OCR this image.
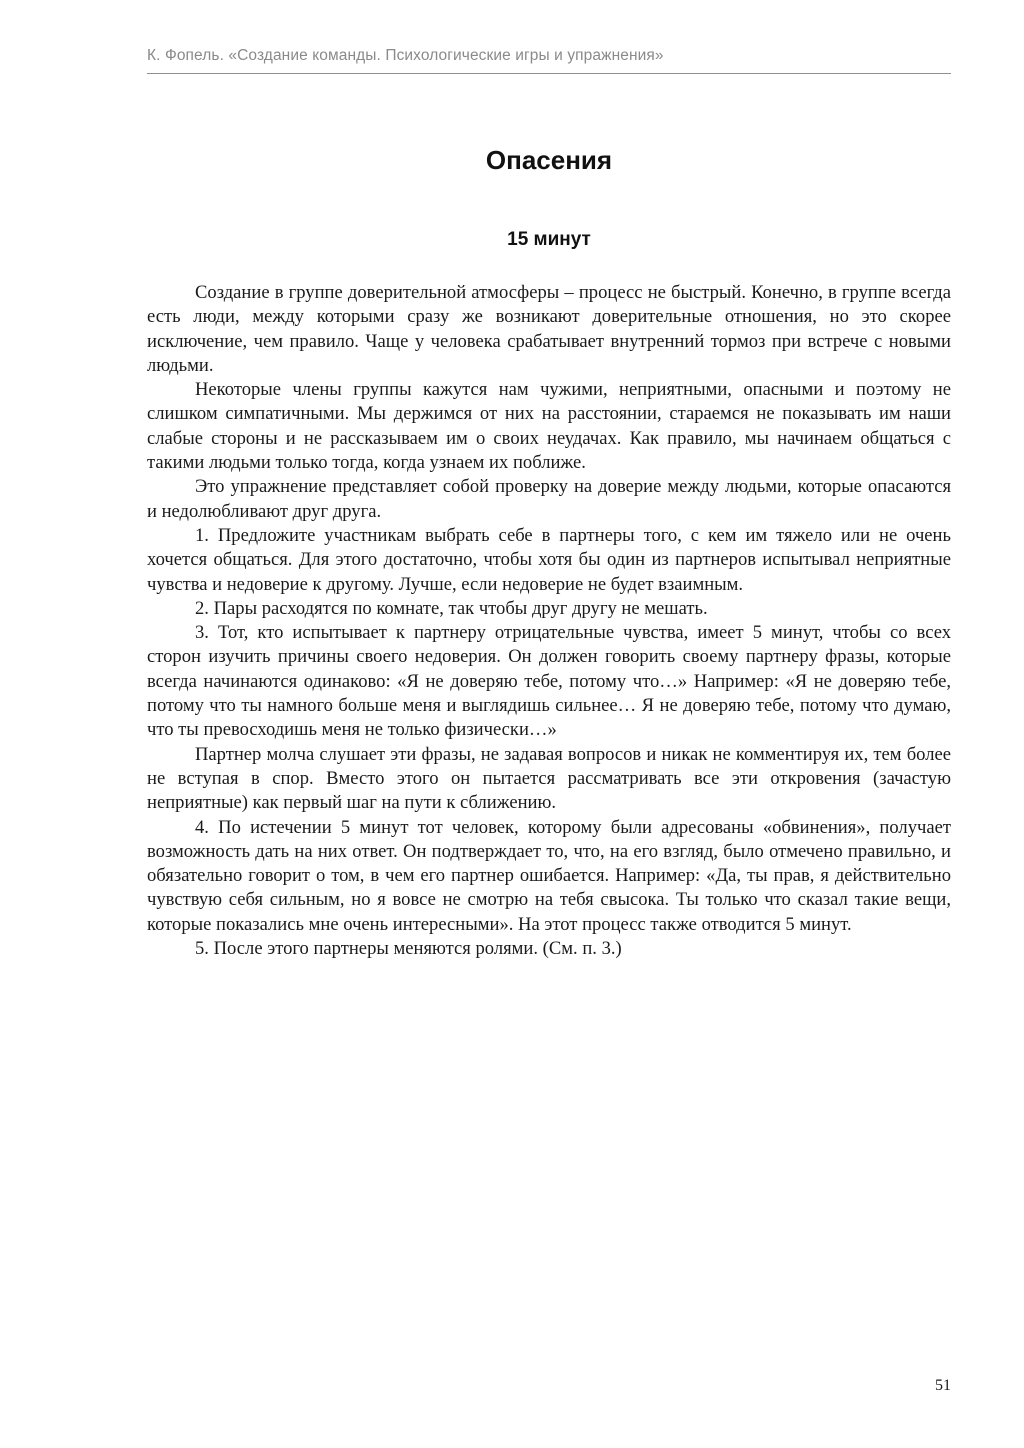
К. Фопель. «Создание команды. Психологические игры и упражнения»
Опасения
15 минут

Создание в группе доверительной атмосферы – процесс не быстрый. Конечно, в группе всегда есть люди, между которыми сразу же возникают доверительные отношения, но это скорее исключение, чем правило. Чаще у человека срабатывает внутренний тормоз при встрече с новыми людьми.

Некоторые члены группы кажутся нам чужими, неприятными, опасными и поэтому не слишком симпатичными. Мы держимся от них на расстоянии, стараемся не показывать им наши слабые стороны и не рассказываем им о своих неудачах. Как правило, мы начинаем общаться с такими людьми только тогда, когда узнаем их поближе.

Это упражнение представляет собой проверку на доверие между людьми, которые опасаются и недолюбливают друг друга.

1. Предложите участникам выбрать себе в партнеры того, с кем им тяжело или не очень хочется общаться. Для этого достаточно, чтобы хотя бы один из партнеров испытывал неприятные чувства и недоверие к другому. Лучше, если недоверие не будет взаимным.

2. Пары расходятся по комнате, так чтобы друг другу не мешать.

3. Тот, кто испытывает к партнеру отрицательные чувства, имеет 5 минут, чтобы со всех сторон изучить причины своего недоверия. Он должен говорить своему партнеру фразы, которые всегда начинаются одинаково: «Я не доверяю тебе, потому что…» Например: «Я не доверяю тебе, потому что ты намного больше меня и выглядишь сильнее… Я не доверяю тебе, потому что думаю, что ты превосходишь меня не только физически…»

Партнер молча слушает эти фразы, не задавая вопросов и никак не комментируя их, тем более не вступая в спор. Вместо этого он пытается рассматривать все эти откровения (зачастую неприятные) как первый шаг на пути к сближению.

4. По истечении 5 минут тот человек, которому были адресованы «обвинения», получает возможность дать на них ответ. Он подтверждает то, что, на его взгляд, было отмечено правильно, и обязательно говорит о том, в чем его партнер ошибается. Например: «Да, ты прав, я действительно чувствую себя сильным, но я вовсе не смотрю на тебя свысока. Ты только что сказал такие вещи, которые показались мне очень интересными». На этот процесс также отводится 5 минут.

5. После этого партнеры меняются ролями. (См. п. 3.)

51
